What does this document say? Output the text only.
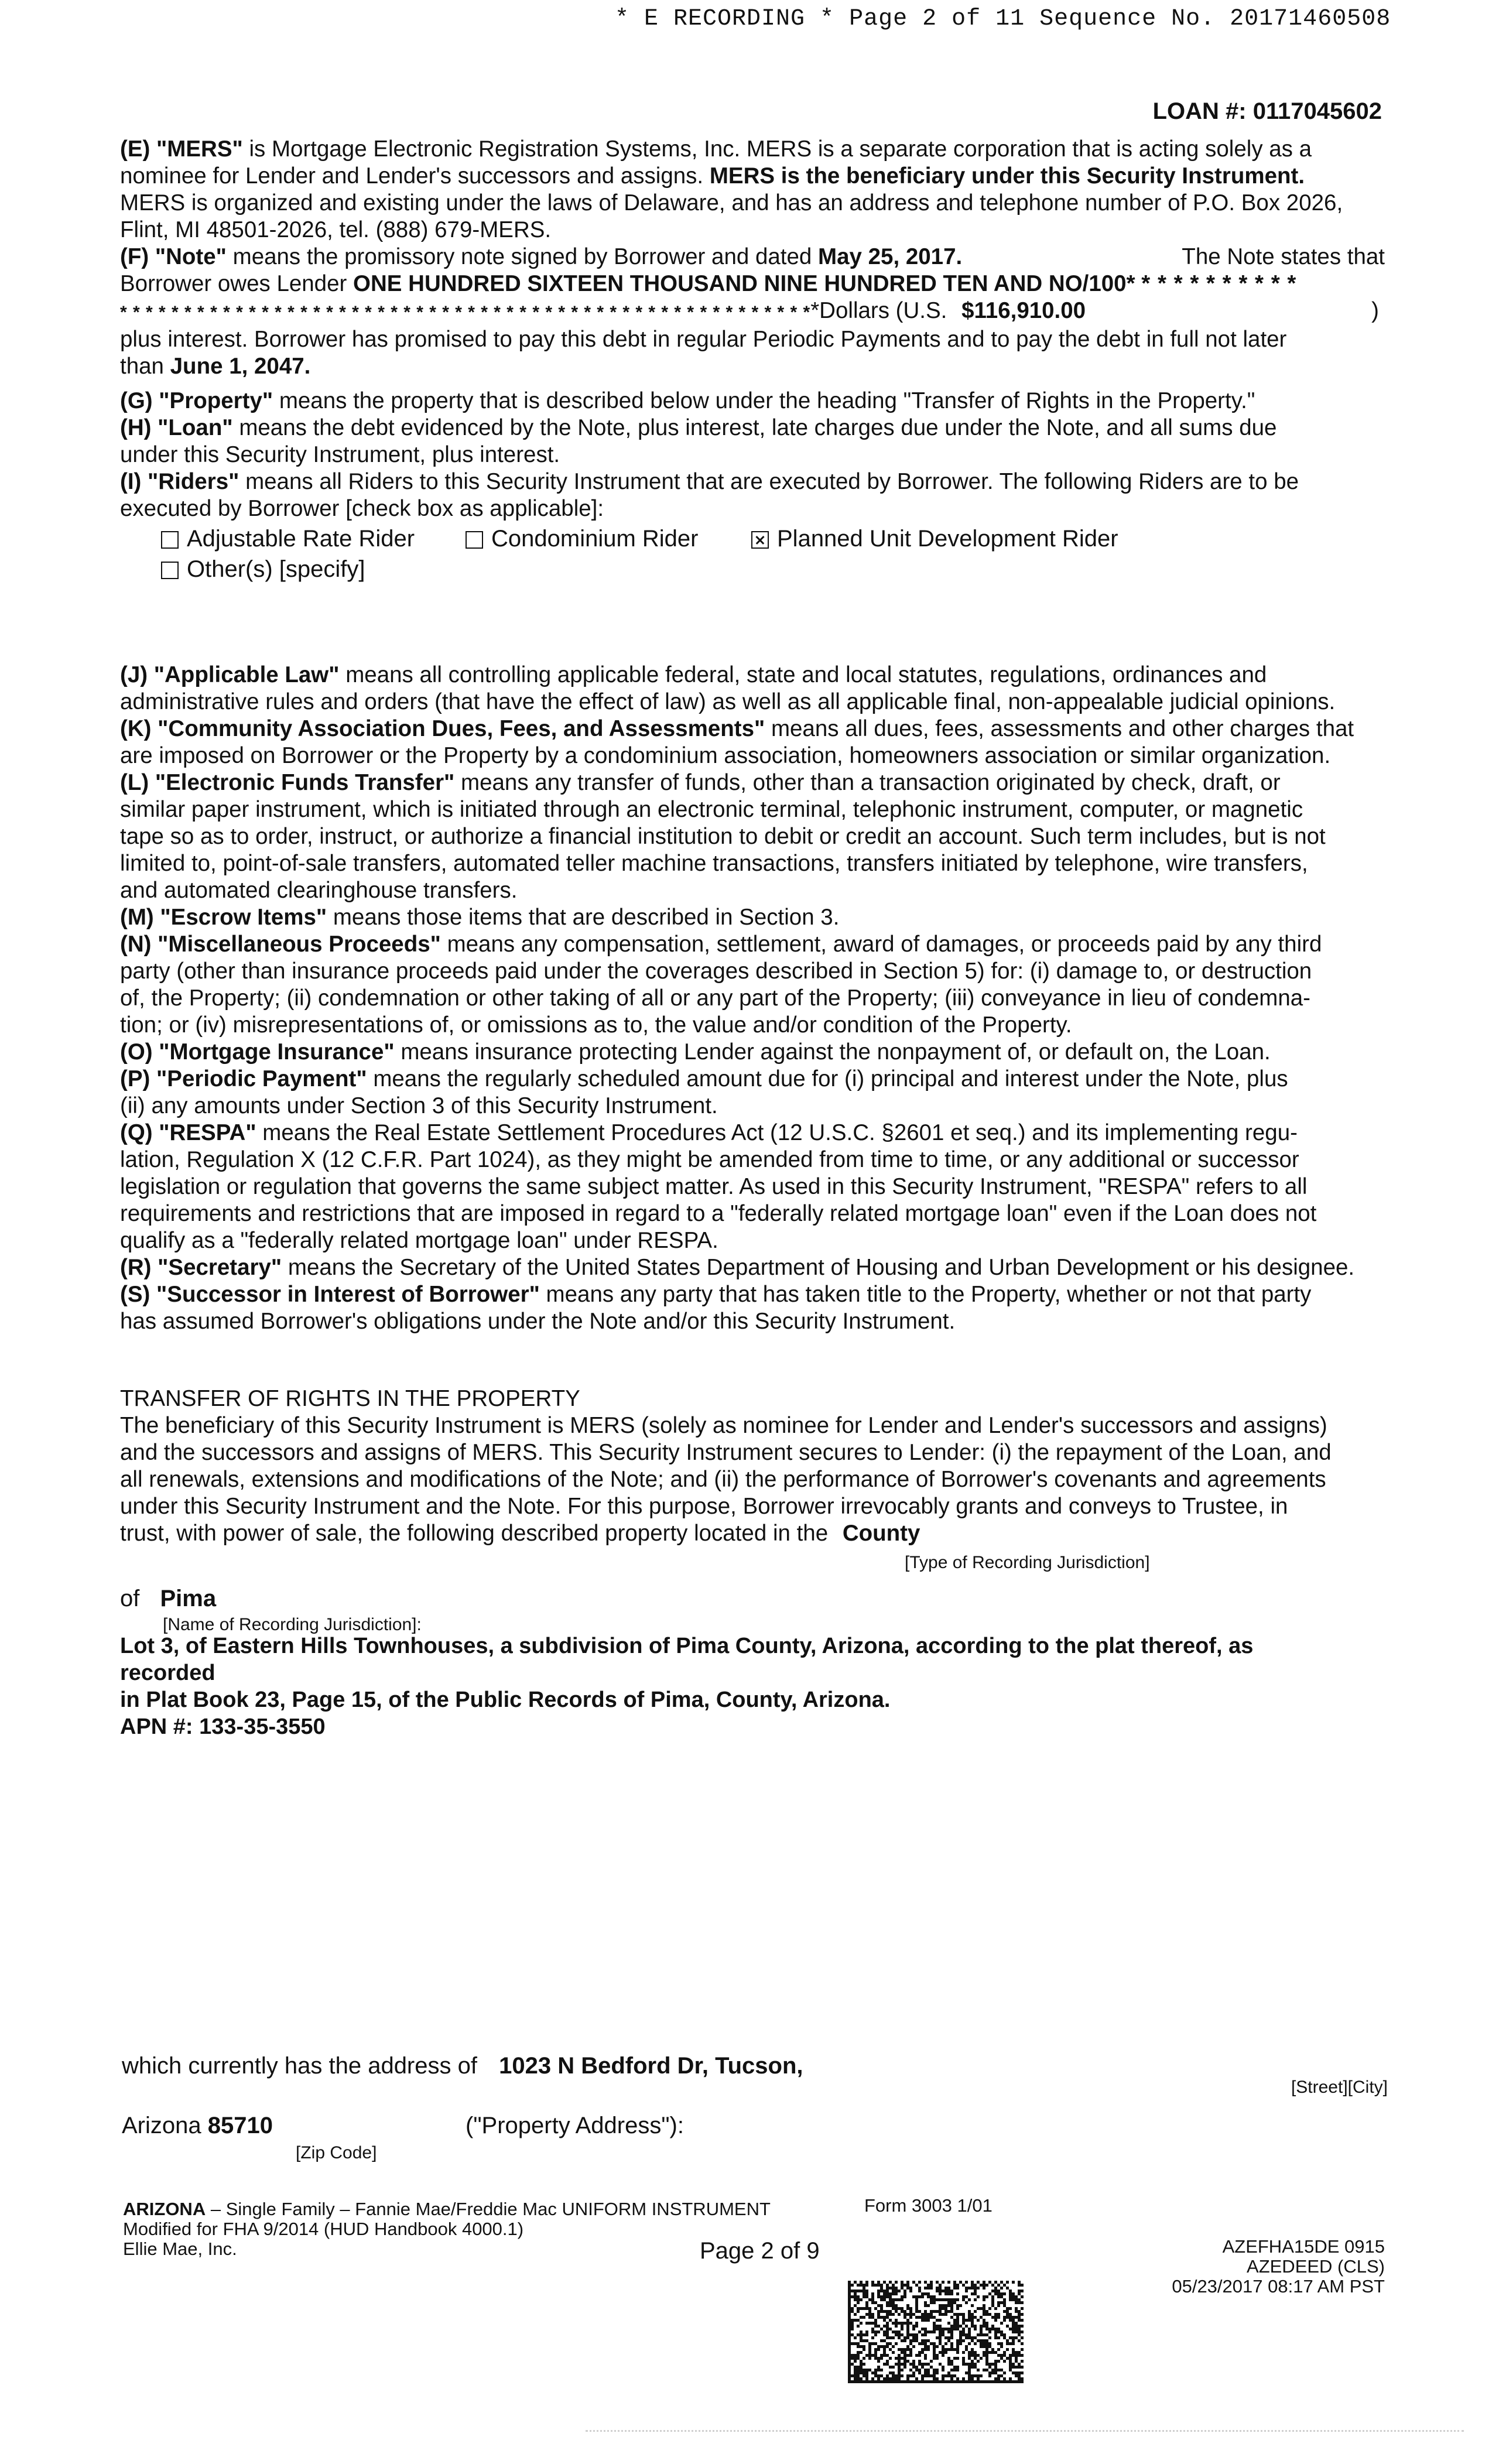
* E RECORDING * Page 2 of 11 Sequence No. 20171460508
LOAN #: 0117045602
(E) "MERS" is Mortgage Electronic Registration Systems, Inc. MERS is a separate corporation that is acting solely as a
nominee for Lender and Lender's successors and assigns. MERS is the beneficiary under this Security Instrument.
MERS is organized and existing under the laws of Delaware, and has an address and telephone number of P.O. Box 2026,
Flint, MI 48501-2026, tel. (888) 679-MERS.
(F) "Note" means the promissory note signed by Borrower and dated May 25, 2017.	The Note states that
Borrower owes Lender ONE HUNDRED SIXTEEN THOUSAND NINE HUNDRED TEN AND NO/100* * * * * * * * * * *
* * * * * * * * * * * * * * * * * * * * * * * * * * * * * * * * * * * * * * * * * * * * * * * * * * * * * **Dollars (U.S. $116,910.00	)
plus interest. Borrower has promised to pay this debt in regular Periodic Payments and to pay the debt in full not later
than June 1, 2047.
(G) "Property" means the property that is described below under the heading "Transfer of Rights in the Property."
(H) "Loan" means the debt evidenced by the Note, plus interest, late charges due under the Note, and all sums due
under this Security Instrument, plus interest.
(I) "Riders" means all Riders to this Security Instrument that are executed by Borrower. The following Riders are to be
executed by Borrower [check box as applicable]:
Adjustable Rate Rider	Condominium Rider	Planned Unit Development Rider
Other(s) [specify]
(J) "Applicable Law" means all controlling applicable federal, state and local statutes, regulations, ordinances and
administrative rules and orders (that have the effect of law) as well as all applicable final, non-appealable judicial opinions.
(K) "Community Association Dues, Fees, and Assessments" means all dues, fees, assessments and other charges that
are imposed on Borrower or the Property by a condominium association, homeowners association or similar organization.
(L) "Electronic Funds Transfer" means any transfer of funds, other than a transaction originated by check, draft, or
similar paper instrument, which is initiated through an electronic terminal, telephonic instrument, computer, or magnetic
tape so as to order, instruct, or authorize a financial institution to debit or credit an account. Such term includes, but is not
limited to, point-of-sale transfers, automated teller machine transactions, transfers initiated by telephone, wire transfers,
and automated clearinghouse transfers.
(M) "Escrow Items" means those items that are described in Section 3.
(N) "Miscellaneous Proceeds" means any compensation, settlement, award of damages, or proceeds paid by any third
party (other than insurance proceeds paid under the coverages described in Section 5) for: (i) damage to, or destruction
of, the Property; (ii) condemnation or other taking of all or any part of the Property; (iii) conveyance in lieu of condemna-
tion; or (iv) misrepresentations of, or omissions as to, the value and/or condition of the Property.
(O) "Mortgage Insurance" means insurance protecting Lender against the nonpayment of, or default on, the Loan.
(P) "Periodic Payment" means the regularly scheduled amount due for (i) principal and interest under the Note, plus
(ii) any amounts under Section 3 of this Security Instrument.
(Q) "RESPA" means the Real Estate Settlement Procedures Act (12 U.S.C. §2601 et seq.) and its implementing regu-
lation, Regulation X (12 C.F.R. Part 1024), as they might be amended from time to time, or any additional or successor
legislation or regulation that governs the same subject matter. As used in this Security Instrument, "RESPA" refers to all
requirements and restrictions that are imposed in regard to a "federally related mortgage loan" even if the Loan does not
qualify as a "federally related mortgage loan" under RESPA.
(R) "Secretary" means the Secretary of the United States Department of Housing and Urban Development or his designee.
(S) "Successor in Interest of Borrower" means any party that has taken title to the Property, whether or not that party
has assumed Borrower's obligations under the Note and/or this Security Instrument.
TRANSFER OF RIGHTS IN THE PROPERTY
The beneficiary of this Security Instrument is MERS (solely as nominee for Lender and Lender's successors and assigns)
and the successors and assigns of MERS. This Security Instrument secures to Lender: (i) the repayment of the Loan, and
all renewals, extensions and modifications of the Note; and (ii) the performance of Borrower's covenants and agreements
under this Security Instrument and the Note. For this purpose, Borrower irrevocably grants and conveys to Trustee, in
trust, with power of sale, the following described property located in the County
[Type of Recording Jurisdiction]
of Pima
[Name of Recording Jurisdiction]:
Lot 3, of Eastern Hills Townhouses, a subdivision of Pima County, Arizona, according to the plat thereof, as
recorded
in Plat Book 23, Page 15, of the Public Records of Pima, County, Arizona.
APN #: 133-35-3550
which currently has the address of 1023 N Bedford Dr, Tucson,
[Street][City]
Arizona 85710	("Property Address"):
[Zip Code]
ARIZONA – Single Family – Fannie Mae/Freddie Mac UNIFORM INSTRUMENT
Modified for FHA 9/2014 (HUD Handbook 4000.1)
Ellie Mae, Inc.
Form 3003 1/01
Page 2 of 9	AZEFHA15DE 0915
AZEDEED (CLS)
05/23/2017 08:17 AM PST
